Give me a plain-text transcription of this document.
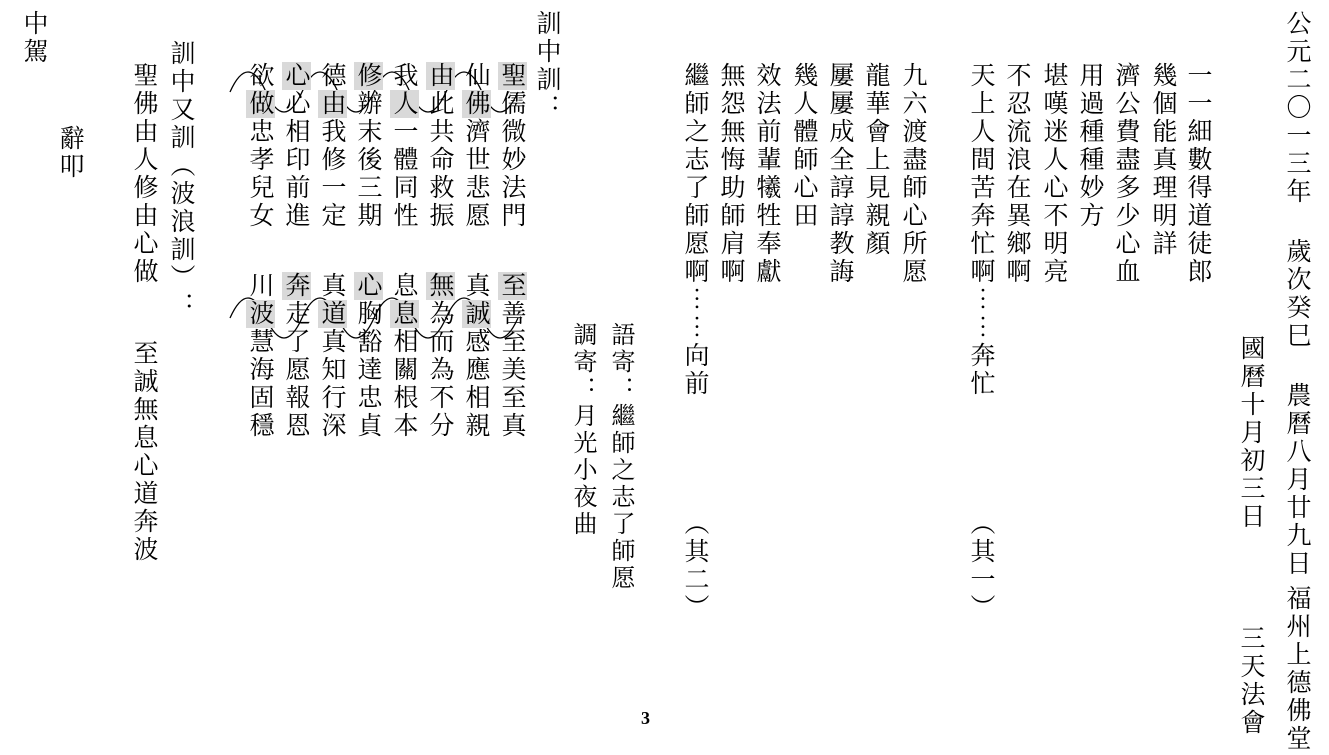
公元二〇一三年 歲次癸巳 農曆八月廿九日
國曆十月初三日
福州上德佛堂
三天法會
一一細數得道徒郎
幾個能真理明詳
濟公費盡多少心血
用過種種妙方
堪嘆迷人心不明亮
不忍流浪在異鄉啊
天上人間苦奔忙啊⋯⋯奔忙
（其一）
九六渡盡師心所愿
龍華會上見親顏
屢屢成全諄諄教誨
幾人體師心田
效法前輩犧牲奉獻
無怨無悔助師肩啊
繼師之志了師愿啊⋯⋯向前
（其二）
語寄：繼師之志了師愿
調寄：月光小夜曲
訓中訓：
聖儒微妙法門至善至美至真
仙佛濟世悲愿真誠感應相親
由此共命救振無為而為不分
我人一體同性息息相關根本
修辦末後三期心胸豁達忠貞
德由我修一定真道真知行深
心心相印前進奔走了愿報恩
欲做忠孝兒女川波慧海固穩
訓中又訓（波浪訓）：
聖佛由人修由心做
至誠無息心道奔波
辭叩
中駕
3
